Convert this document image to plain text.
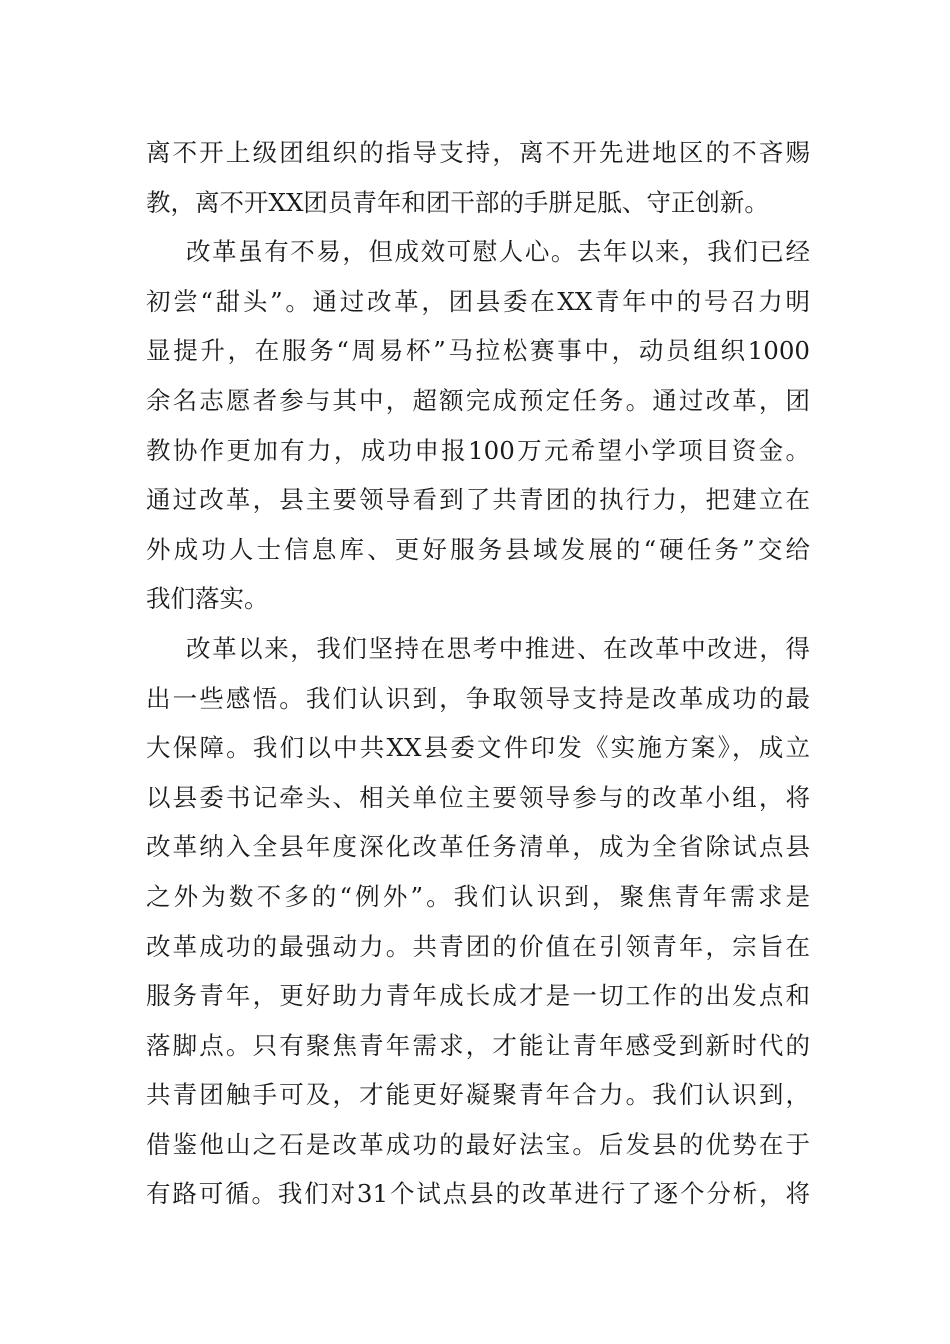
离不开上级团组织的指导支持，离不开先进地区的不吝赐
教，离不开XX团员青年和团干部的手胼足胝、守正创新。
改革虽有不易，但成效可慰人心。去年以来，我们已经
初尝“甜头”。通过改革，团县委在XX青年中的号召力明
显提升，在服务“周易杯”马拉松赛事中，动员组织1000
余名志愿者参与其中，超额完成预定任务。通过改革，团
教协作更加有力，成功申报100万元希望小学项目资金。
通过改革，县主要领导看到了共青团的执行力，把建立在
外成功人士信息库、更好服务县域发展的“硬任务”交给
我们落实。
改革以来，我们坚持在思考中推进、在改革中改进，得
出一些感悟。我们认识到，争取领导支持是改革成功的最
大保障。我们以中共XX县委文件印发《实施方案》，成立
以县委书记牵头、相关单位主要领导参与的改革小组，将
改革纳入全县年度深化改革任务清单，成为全省除试点县
之外为数不多的“例外”。我们认识到，聚焦青年需求是
改革成功的最强动力。共青团的价值在引领青年，宗旨在
服务青年，更好助力青年成长成才是一切工作的出发点和
落脚点。只有聚焦青年需求，才能让青年感受到新时代的
共青团触手可及，才能更好凝聚青年合力。我们认识到，
借鉴他山之石是改革成功的最好法宝。后发县的优势在于
有路可循。我们对31个试点县的改革进行了逐个分析，将
